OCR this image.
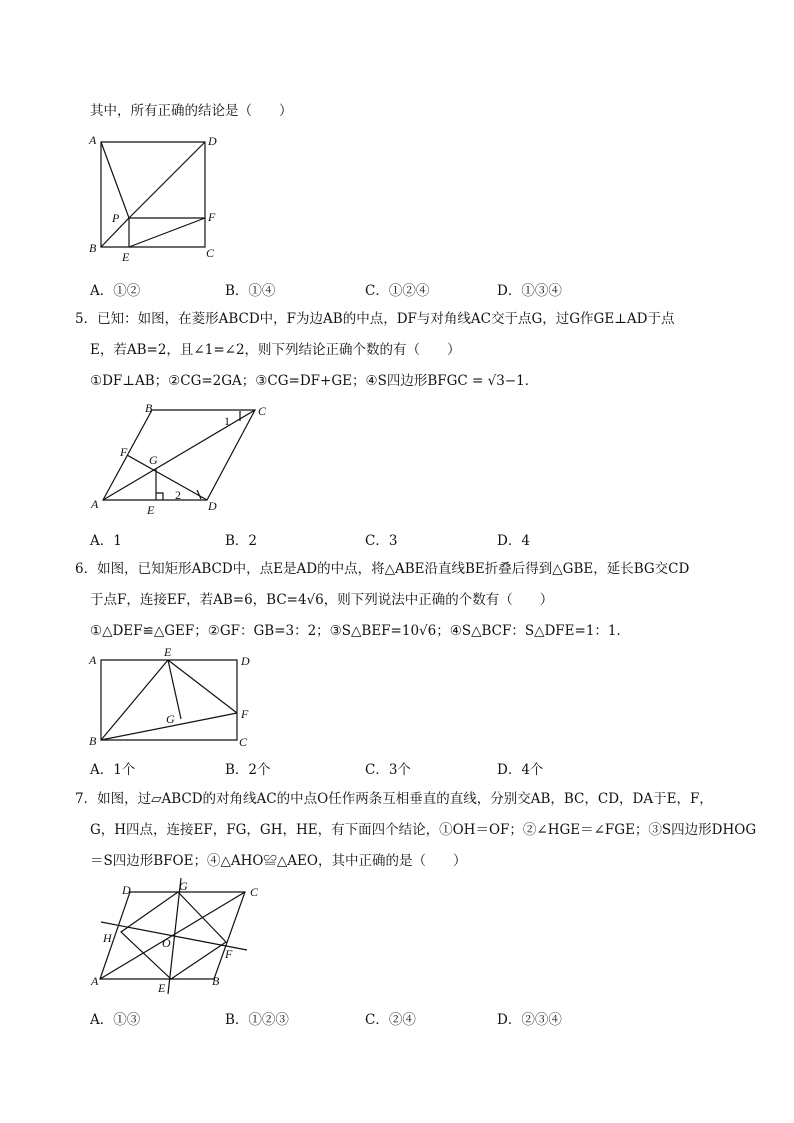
其中，所有正确的结论是（　　）
A	D
B	C
P	F
E
A．①②	B．①④	C．①②④	D．①③④
5．已知：如图，在菱形ABCD中，F为边AB的中点，DF与对角线AC交于点G，过G作GE⊥AD于点
E，若AB=2，且∠1=∠2，则下列结论正确个数的有（　　）
①DF⊥AB；②CG=2GA；③CG=DF+GE；④S四边形BFGC = √3−1．
B	C
F
G
A	E	D
1
2
A．1	B．2	C．3	D．4
6．如图，已知矩形ABCD中，点E是AD的中点，将△ABE沿直线BE折叠后得到△GBE，延长BG交CD
于点F，连接EF，若AB=6，BC=4√6，则下列说法中正确的个数有（　　）
①△DEF≌△GEF；②GF：GB=3：2；③S△BEF=10√6；④S△BCF：S△DFE=1：1．
A
E
D
G	F
B	C
A．1个	B．2个	C．3个	D．4个
7．如图，过▱ABCD的对角线AC的中点O任作两条互相垂直的直线，分别交AB，BC，CD，DA于E，F，
G，H四点，连接EF，FG，GH，HE，有下面四个结论，①OH＝OF；②∠HGE＝∠FGE；③S四边形DHOG
＝S四边形BFOE；④△AHO≌△AEO，其中正确的是（　　）
D	G	C
H	O
F
A	E	B
A．①③	B．①②③	C．②④	D．②③④
